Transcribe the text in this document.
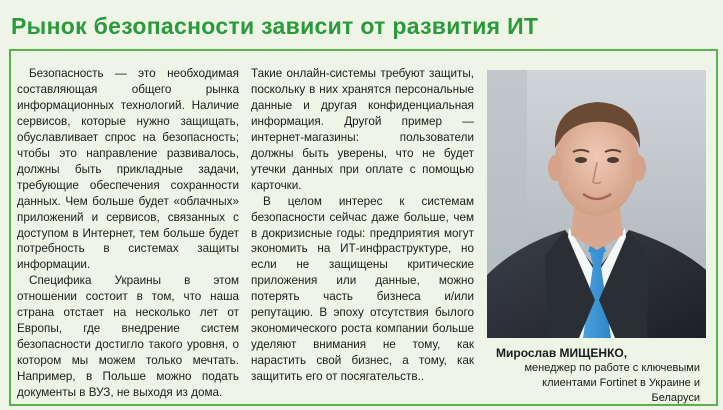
Рынок безопасности зависит от развития ИТ

Безопасность — это необходимая составляющая общего рынка информационных технологий. Наличие сервисов, которые нужно защищать, обуславливает спрос на безопасность; чтобы это направление развивалось, должны быть прикладные задачи, требующие обеспечения сохранности данных. Чем больше будет «облачных» приложений и сервисов, связанных с доступом в Интернет, тем больше будет потребность в системах защиты информации.

Специфика Украины в этом отношении состоит в том, что наша страна отстает на несколько лет от Европы, где внедрение систем безопасности достигло такого уровня, о котором мы можем только мечтать. Например, в Польше можно подать документы в ВУЗ, не выходя из дома.

Такие онлайн-системы требуют защиты, поскольку в них хранятся персональные данные и другая конфиденциальная информация. Другой пример — интернет-магазины: пользователи должны быть уверены, что не будет утечки данных при оплате с помощью карточки.

В целом интерес к системам безопасности сейчас даже больше, чем в докризисные годы: предприятия могут экономить на ИТ-инфраструктуре, но если не защищены критические приложения или данные, можно потерять часть бизнеса и/или репутацию. В эпоху отсутствия былого экономического роста компании больше уделяют внимания не тому, как нарастить свой бизнес, а тому, как защитить его от посягательств..

Мирослав МИЩЕНКО,
менеджер по работе с ключевыми клиентами Fortinet в Украине и Беларуси
